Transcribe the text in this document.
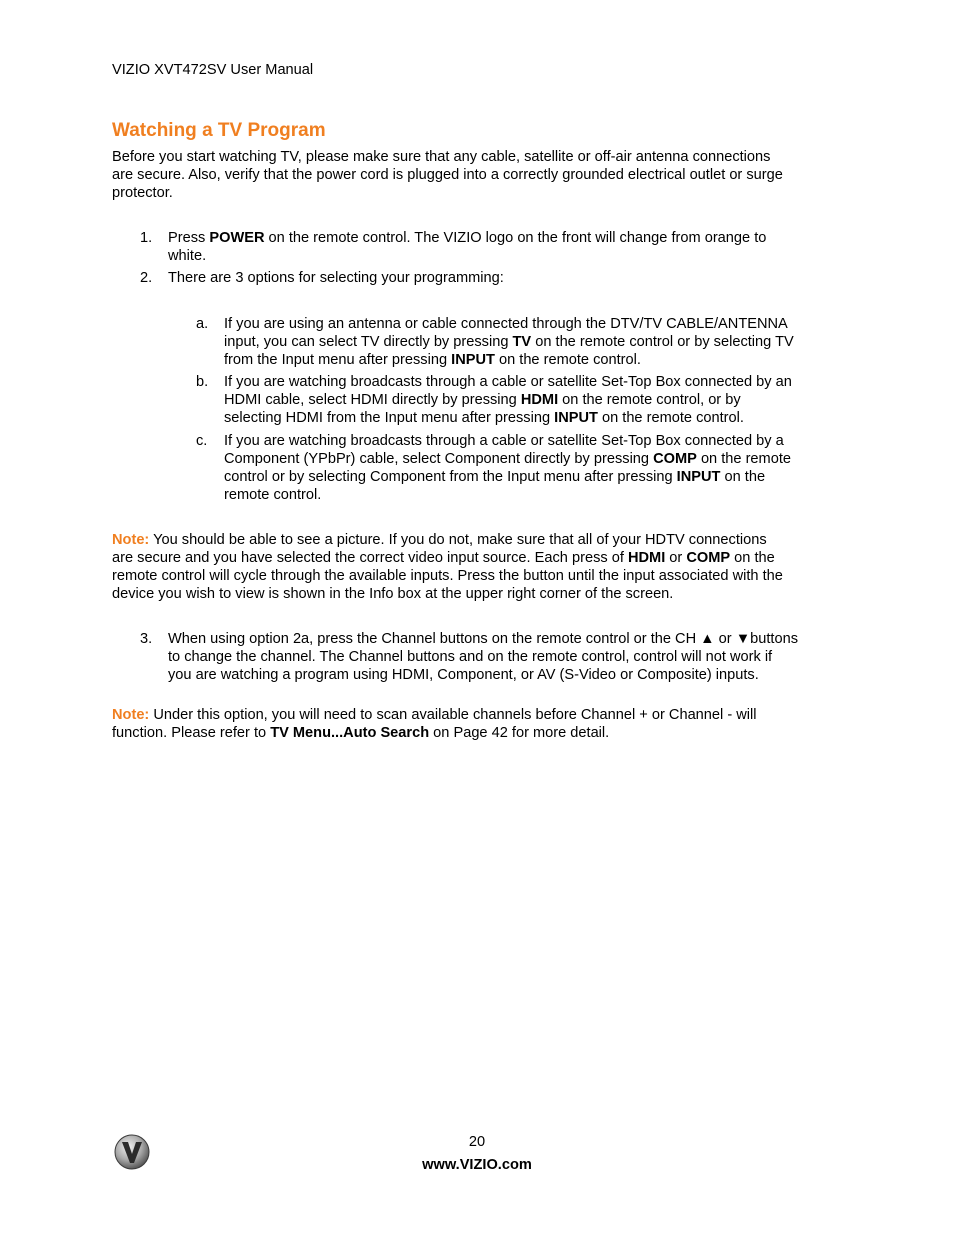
VIZIO XVT472SV User Manual
Watching a TV Program
Before you start watching TV, please make sure that any cable, satellite or off-air antenna connections
are secure. Also, verify that the power cord is plugged into a correctly grounded electrical outlet or surge
protector.
1. Press POWER on the remote control. The VIZIO logo on the front will change from orange to
white.
2. There are 3 options for selecting your programming:
a. If you are using an antenna or cable connected through the DTV/TV CABLE/ANTENNA
input, you can select TV directly by pressing TV on the remote control or by selecting TV
from the Input menu after pressing INPUT on the remote control.
b. If you are watching broadcasts through a cable or satellite Set-Top Box connected by an
HDMI cable, select HDMI directly by pressing HDMI on the remote control, or by
selecting HDMI from the Input menu after pressing INPUT on the remote control.
c. If you are watching broadcasts through a cable or satellite Set-Top Box connected by a
Component (YPbPr) cable, select Component directly by pressing COMP on the remote
control or by selecting Component from the Input menu after pressing INPUT on the
remote control.
Note: You should be able to see a picture. If you do not, make sure that all of your HDTV connections
are secure and you have selected the correct video input source. Each press of HDMI or COMP on the
remote control will cycle through the available inputs. Press the button until the input associated with the
device you wish to view is shown in the Info box at the upper right corner of the screen.
3. When using option 2a, press the Channel buttons on the remote control or the CH ▲ or ▼buttons
to change the channel. The Channel buttons and on the remote control, control will not work if
you are watching a program using HDMI, Component, or AV (S-Video or Composite) inputs.
Note: Under this option, you will need to scan available channels before Channel + or Channel - will
function. Please refer to TV Menu...Auto Search on Page 42 for more detail.
20
www.VIZIO.com
